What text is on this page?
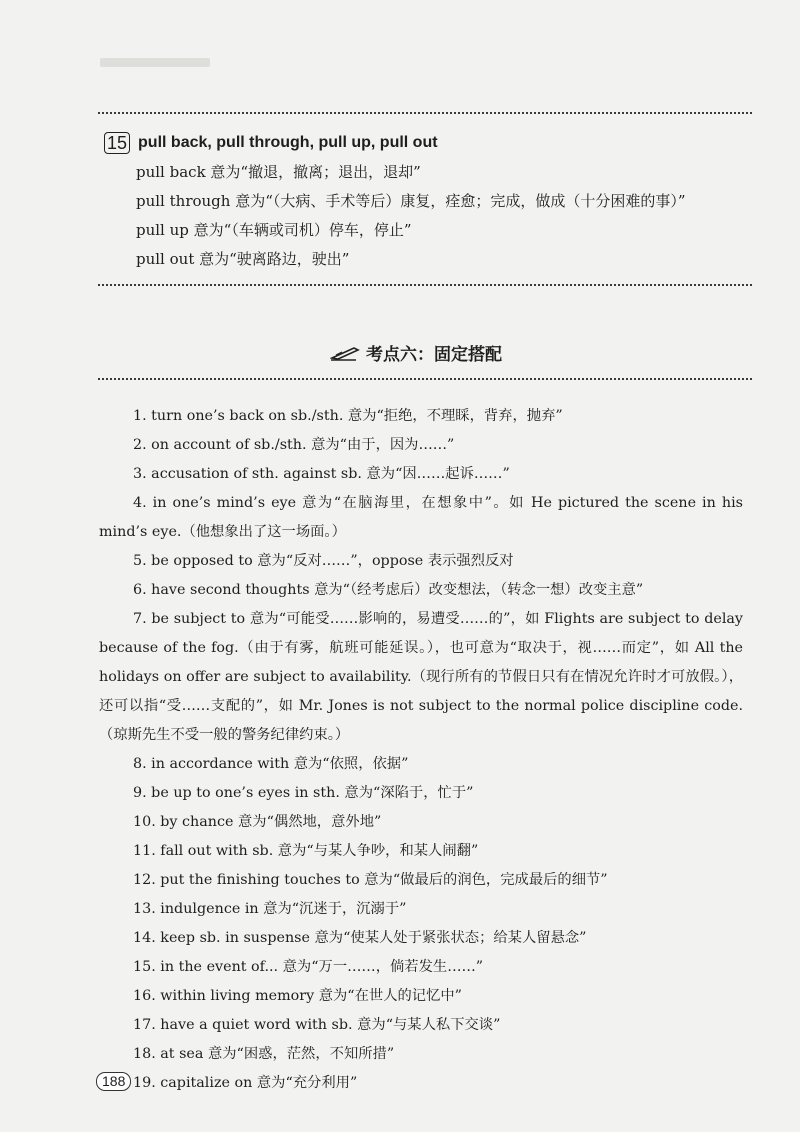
15 pull back, pull through, pull up, pull out
pull back 意为“撤退，撤离；退出，退却”
pull through 意为“（大病、手术等后）康复，痊愈；完成，做成（十分困难的事）”
pull up 意为“（车辆或司机）停车，停止”
pull out 意为“驶离路边，驶出”
考点六：固定搭配
1. turn one’s back on sb./sth. 意为“拒绝，不理睬，背弃，抛弃”
2. on account of sb./sth. 意为“由于，因为……”
3. accusation of sth. against sb. 意为“因……起诉……”
4. in one’s mind’s eye 意为“在脑海里，在想象中”。如 He pictured the scene in his mind’s eye.（他想象出了这一场面。）
5. be opposed to 意为“反对……”，oppose 表示强烈反对
6. have second thoughts 意为“（经考虑后）改变想法，（转念一想）改变主意”
7. be subject to 意为“可能受……影响的，易遭受……的”，如 Flights are subject to delay because of the fog.（由于有雾，航班可能延误。），也可意为“取决于，视……而定”，如 All the holidays on offer are subject to availability.（现行所有的节假日只有在情况允许时才可放假。），还可以指“受……支配的”，如 Mr. Jones is not subject to the normal police discipline code.（琼斯先生不受一般的警务纪律约束。）
8. in accordance with 意为“依照，依据”
9. be up to one’s eyes in sth. 意为“深陷于，忙于”
10. by chance 意为“偶然地，意外地”
11. fall out with sb. 意为“与某人争吵，和某人闹翻”
12. put the finishing touches to 意为“做最后的润色，完成最后的细节”
13. indulgence in 意为“沉迷于，沉溺于”
14. keep sb. in suspense 意为“使某人处于紧张状态；给某人留悬念”
15. in the event of... 意为“万一……，倘若发生……”
16. within living memory 意为“在世人的记忆中”
17. have a quiet word with sb. 意为“与某人私下交谈”
18. at sea 意为“困惑，茫然，不知所措”
19. capitalize on 意为“充分利用”
188
